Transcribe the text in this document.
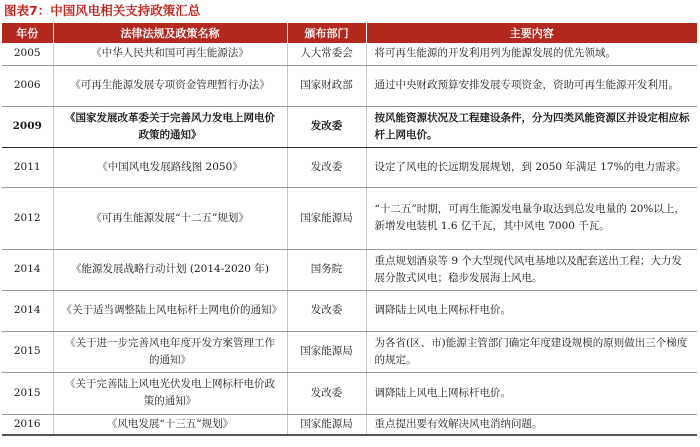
图表7：中国风电相关支持政策汇总
年份	法律法规及政策名称	颁布部门	主要内容
2005	《中华人民共和国可再生能源法》	人大常委会	将可再生能源的开发利用列为能源发展的优先领域。
2006	《可再生能源发展专项资金管理暂行办法》	国家财政部	通过中央财政预算安排发展专项资金，资助可再生能源开发利用。
2009	《国家发展改革委关于完善风力发电上网电价政策的通知》	发改委	按风能资源状况及工程建设条件，分为四类风能资源区并设定相应标杆上网电价。
2011	《中国风电发展路线图 2050》	发改委	设定了风电的长远期发展规划，到 2050 年满足 17%的电力需求。
2012	《可再生能源发展“十二五”规划》	国家能源局	“十二五”时期，可再生能源发电量争取达到总发电量的 20%以上，新增发电装机 1.6 亿千瓦，其中风电 7000 千瓦。
2014	《能源发展战略行动计划 (2014-2020 年)	国务院	重点规划酒泉等 9 个大型现代风电基地以及配套送出工程；大力发展分散式风电；稳步发展海上风电。
2014	《关于适当调整陆上风电标杆上网电价的通知》	发改委	调降陆上风电上网标杆电价。
2015	《关于进一步完善风电年度开发方案管理工作的通知》	国家能源局	为各省(区、市)能源主管部门确定年度建设规模的原则做出三个梯度的规定。
2015	《关于完善陆上风电光伏发电上网标杆电价政策的通知》	发改委	调降陆上风电上网标杆电价。
2016	《风电发展“十三五”规划》	国家能源局	重点提出要有效解决风电消纳问题。
